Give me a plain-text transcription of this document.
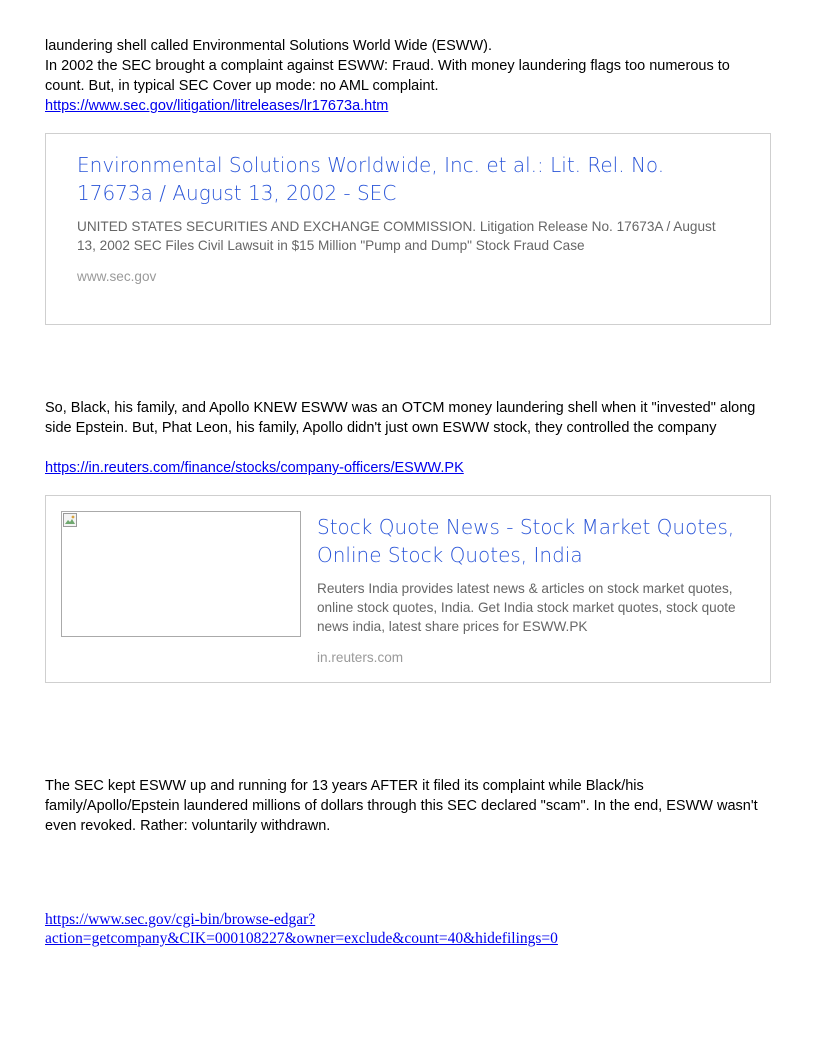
laundering shell called Environmental Solutions World Wide (ESWW).

In 2002 the SEC brought a complaint against ESWW: Fraud. With money laundering flags too numerous to count. But, in typical SEC Cover up mode: no AML complaint.

https://www.sec.gov/litigation/litreleases/lr17673a.htm

Environmental Solutions Worldwide, Inc. et al.: Lit. Rel. No. 17673a / August 13, 2002 - SEC

UNITED STATES SECURITIES AND EXCHANGE COMMISSION. Litigation Release No. 17673A / August 13, 2002 SEC Files Civil Lawsuit in $15 Million "Pump and Dump" Stock Fraud Case

www.sec.gov

So, Black, his family, and Apollo KNEW ESWW was an OTCM money laundering shell when it "invested" along side Epstein. But, Phat Leon, his family, Apollo didn't just own ESWW stock, they controlled the company

https://in.reuters.com/finance/stocks/company-officers/ESWW.PK

Stock Quote News - Stock Market Quotes, Online Stock Quotes, India

Reuters India provides latest news & articles on stock market quotes, online stock quotes, India. Get India stock market quotes, stock quote news india, latest share prices for ESWW.PK

in.reuters.com

The SEC kept ESWW up and running for 13 years AFTER it filed its complaint while Black/his family/Apollo/Epstein laundered millions of dollars through this SEC declared "scam". In the end, ESWW wasn't even revoked. Rather: voluntarily withdrawn.

https://www.sec.gov/cgi-bin/browse-edgar?
action=getcompany&CIK=000108227&owner=exclude&count=40&hidefilings=0
